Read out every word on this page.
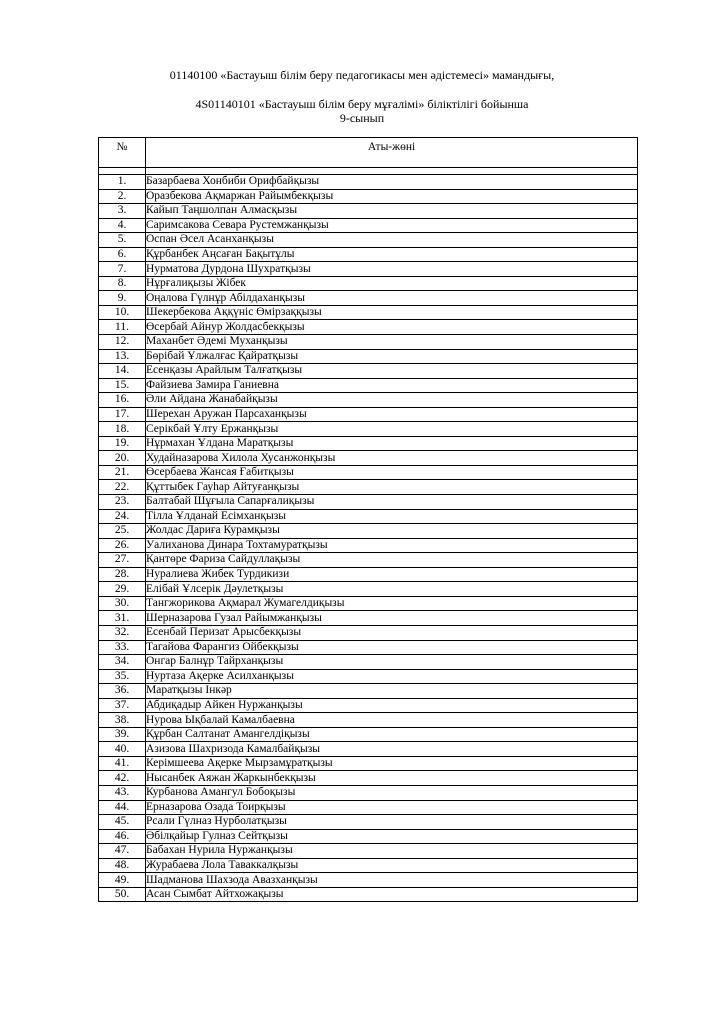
01140100 «Бастауыш білім беру педагогикасы мен әдістемесі» мамандығы,
4S01140101 «Бастауыш білім беру мұғалімі» біліктілігі бойынша
9-сынып
№	Аты-жөні

1.	Базарбаева Хонбиби Орифбайқызы
2.	Оразбекова Ақмаржан Райымбекқызы
3.	Кайып Таңшолпан Алмасқызы
4.	Саримсакова Севара Рустемжанқызы
5.	Оспан Әсел Асанханқызы
6.	Құрбанбек Аңсаған Бақытұлы
7.	Нурматова Дурдона Шухратқызы
8.	Нұрғалиқызы Жібек
9.	Оңалова Гүлнұр Абілдаханқызы
10.	Шекербекова Аққүніс Өмірзаққызы
11.	Өсербай Айнур Жолдасбекқызы
12.	Маханбет Әдемі Муханқызы
13.	Бөрібай Ұлжалғас Қайратқызы
14.	Есенқазы Арайлым Талғатқызы
15.	Файзиева Замира Ганиевна
16.	Әли Айдана Жанабайқызы
17.	Шерехан Аружан Парсаханқызы
18.	Серікбай Ұлту Ержанқызы
19.	Нұрмахан Ұлдана Маратқызы
20.	Худайназарова Хилола Хусанжонқызы
21.	Өсербаева Жансая Ғабитқызы
22.	Құттыбек Гауһар Айтуғанқызы
23.	Балтабай Шұғыла Сапарғалиқызы
24.	Тілла Ұлданай Есімханқызы
25.	Жолдас Дариға Курамқызы
26.	Уалиханова Динара Тохтамуратқызы
27.	Қантөре Фариза Сайдуллақызы
28.	Нуралиева Жибек Турдикизи
29.	Елібай Ұлсерік Дәулетқызы
30.	Тангжорикова Ақмарал Жумагелдиқызы
31.	Шерназарова Гузал Райымжанқызы
32.	Есенбай Перизат Арысбекқызы
33.	Тагайова Фарангиз Ойбекқызы
34.	Онгар Балнұр Тайрханқызы
35.	Нуртаза Ақерке Асилханқызы
36.	Маратқызы Інкәр
37.	Абдиқадыр Айкен Нуржанқызы
38.	Нурова Ықбалай Камалбаевна
39.	Құрбан Салтанат Амангелдіқызы
40.	Азизова Шахризода Камалбайқызы
41.	Керімшеева Ақерке Мырзамұратқызы
42.	Нысанбек Аяжан Жаркынбекқызы
43.	Курбанова Амангул Бобоқызы
44.	Ерназарова Озада Тоирқызы
45.	Рсали Гүлназ Нурболатқызы
46.	Әбілқайыр Гулназ Сейтқызы
47.	Бабахан Нурила Нуржанқызы
48.	Журабаева Лола Таваккалқызы
49.	Шадманова Шахзода Авазханқызы
50.	Асан Сымбат Айтхожақызы
